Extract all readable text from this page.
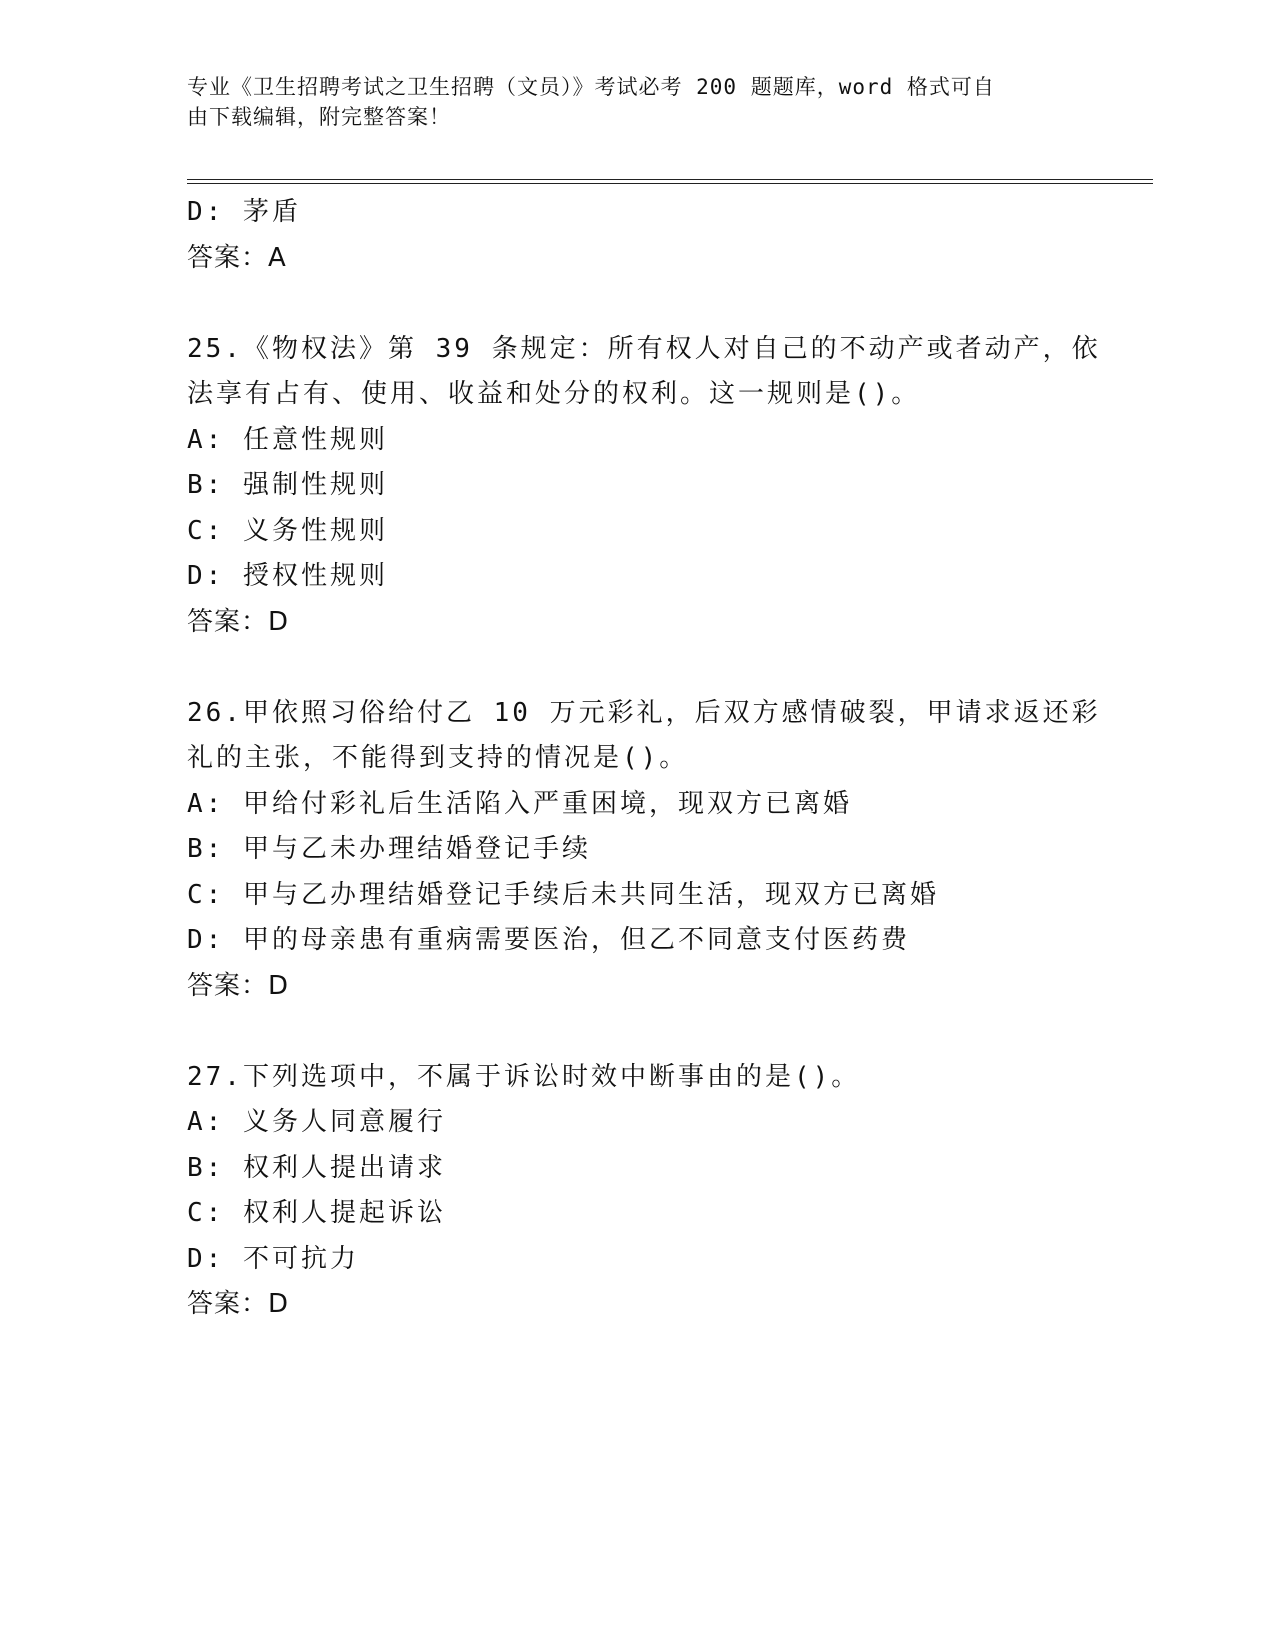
专业《卫生招聘考试之卫生招聘（文员）》考试必考 200 题题库，word 格式可自
由下载编辑，附完整答案！
D: 茅盾
答案：A
25.《物权法》第 39 条规定：所有权人对自己的不动产或者动产，依
法享有占有、使用、收益和处分的权利。这一规则是()。
A: 任意性规则
B: 强制性规则
C: 义务性规则
D: 授权性规则
答案：D
26.甲依照习俗给付乙 10 万元彩礼，后双方感情破裂，甲请求返还彩
礼的主张，不能得到支持的情况是()。
A: 甲给付彩礼后生活陷入严重困境，现双方已离婚
B: 甲与乙未办理结婚登记手续
C: 甲与乙办理结婚登记手续后未共同生活，现双方已离婚
D: 甲的母亲患有重病需要医治，但乙不同意支付医药费
答案：D
27.下列选项中，不属于诉讼时效中断事由的是()。
A: 义务人同意履行
B: 权利人提出请求
C: 权利人提起诉讼
D: 不可抗力
答案：D
